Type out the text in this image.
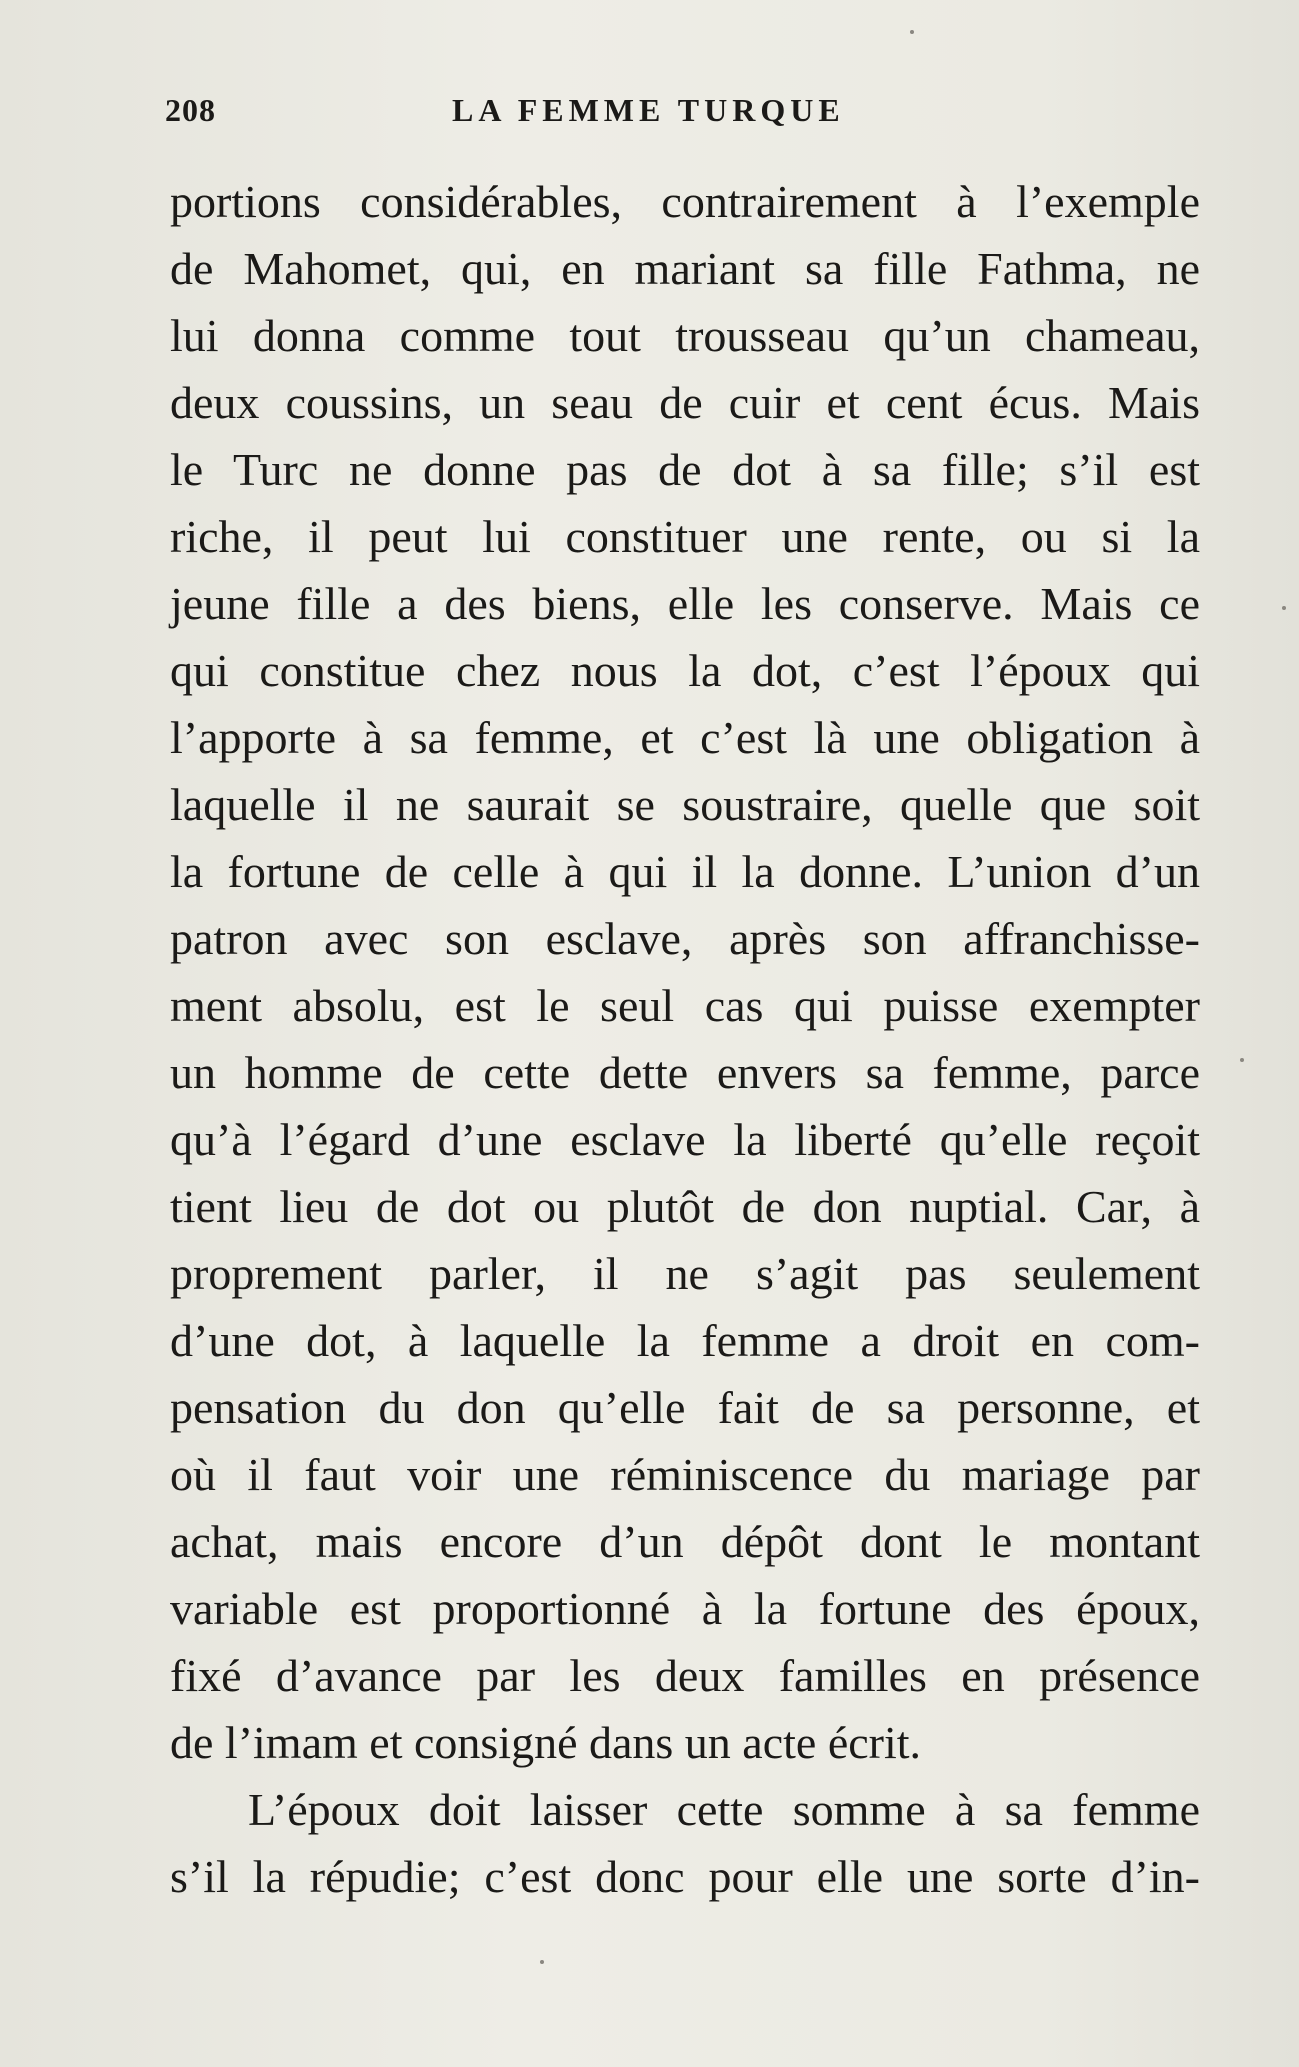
208	LA FEMME TURQUE
portions considérables, contrairement à l’exemple
de Mahomet, qui, en mariant sa fille Fathma, ne
lui donna comme tout trousseau qu’un chameau,
deux coussins, un seau de cuir et cent écus. Mais
le Turc ne donne pas de dot à sa fille; s’il est
riche, il peut lui constituer une rente, ou si la
jeune fille a des biens, elle les conserve. Mais ce
qui constitue chez nous la dot, c’est l’époux qui
l’apporte à sa femme, et c’est là une obligation à
laquelle il ne saurait se soustraire, quelle que soit
la fortune de celle à qui il la donne. L’union d’un
patron avec son esclave, après son affranchisse-
ment absolu, est le seul cas qui puisse exempter
un homme de cette dette envers sa femme, parce
qu’à l’égard d’une esclave la liberté qu’elle reçoit
tient lieu de dot ou plutôt de don nuptial. Car, à
proprement parler, il ne s’agit pas seulement
d’une dot, à laquelle la femme a droit en com-
pensation du don qu’elle fait de sa personne, et
où il faut voir une réminiscence du mariage par
achat, mais encore d’un dépôt dont le montant
variable est proportionné à la fortune des époux,
fixé d’avance par les deux familles en présence
de l’imam et consigné dans un acte écrit.
L’époux doit laisser cette somme à sa femme
s’il la répudie; c’est donc pour elle une sorte d’in-
